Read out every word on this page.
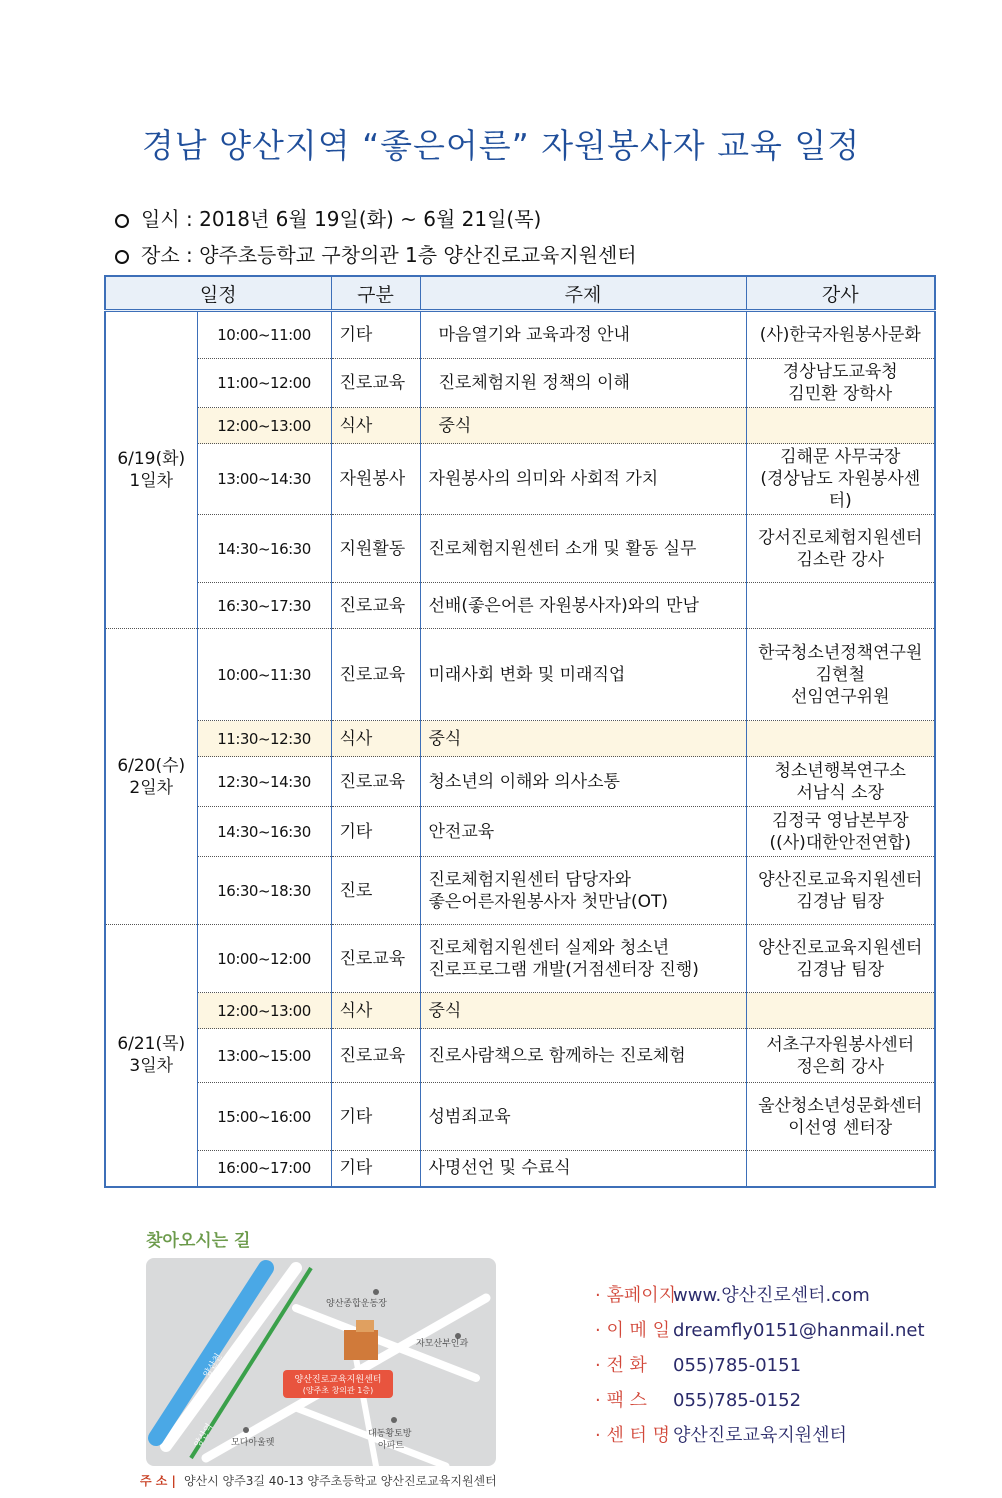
경남 양산지역 “좋은어른” 자원봉사자 교육 일정
일시 : 2018년 6월 19일(화) ~ 6월 21일(목)
장소 : 양주초등학교 구창의관 1층 양산진로교육지원센터
일정		구분	주제	강사
6/19(화)
1일차	10:00~11:00	기타	마음열기와 교육과정 안내	(사)한국자원봉사문화
	11:00~12:00	진로교육	진로체험지원 정책의 이해	경상남도교육청
김민환 장학사
	12:00~13:00	식사	중식	
	13:00~14:30	자원봉사	자원봉사의 의미와 사회적 가치	김해문 사무국장
(경상남도 자원봉사센터)
	14:30~16:30	지원활동	진로체험지원센터 소개 및 활동 실무	강서진로체험지원센터
김소란 강사
	16:30~17:30	진로교육	선배(좋은어른 자원봉사자)와의 만남	
6/20(수)
2일차	10:00~11:30	진로교육	미래사회 변화 및 미래직업	한국청소년정책연구원
김현철
선임연구위원
	11:30~12:30	식사	중식	
	12:30~14:30	진로교육	청소년의 이해와 의사소통	청소년행복연구소
서남식 소장
	14:30~16:30	기타	안전교육	김정국 영남본부장
((사)대한안전연합)
	16:30~18:30	진로	진로체험지원센터 담당자와
좋은어른자원봉사자 첫만남(OT)	양산진로교육지원센터
김경남 팀장
6/21(목)
3일차	10:00~12:00	진로교육	진로체험지원센터 실제와 청소년
진로프로그램 개발(거점센터장 진행)	양산진로교육지원센터
김경남 팀장
	12:00~13:00	식사	중식	
	13:00~15:00	진로교육	진로사람책으로 함께하는 진로체험	서초구자원봉사센터
정은희 강사
	15:00~16:00	기타	성범죄교육	울산청소년성문화센터
이선영 센터장
	16:00~17:00	기타	사명선언 및 수료식	
찾아오시는 길
양산천
양산역
양산종합운동장
자모산부인과
양산진로교육지원센터
(양주초 창의관 1층)
모다아울렛
대동황토방
아파트
주 소 | 양산시 양주3길 40-13 양주초등학교 양산진로교육지원센터
· 홈페이지www.양산진로센터.com
· 이 메 일 dreamfly0151@hanmail.net
· 전 화 055)785-0151
· 팩 스 055)785-0152
· 센 터 명 양산진로교육지원센터
